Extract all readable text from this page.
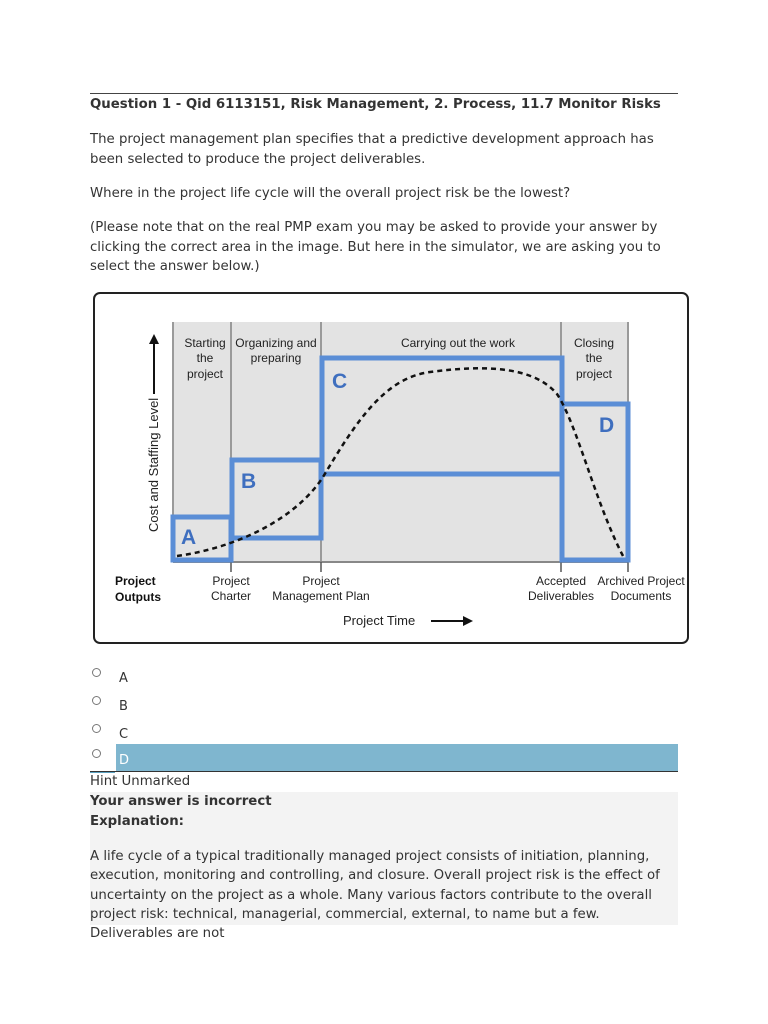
Question 1 - Qid 6113151, Risk Management, 2. Process, 11.7 Monitor Risks
The project management plan specifies that a predictive development approach has been selected to produce the project deliverables.
Where in the project life cycle will the overall project risk be the lowest?
(Please note that on the real PMP exam you may be asked to provide your answer by clicking the correct area in the image. But here in the simulator, we are asking you to select the answer below.)
A
B
C
D
Starting
the
project
Organizing and
preparing
Carrying out the work	Closing
the
project
Cost and Staffing Level
Project
Outputs
Project
Charter
Project
Management Plan
Accepted
Deliverables
Archived Project
Documents
Project Time
A
B
C
D
Hint Unmarked
Your answer is incorrect
Explanation:
A life cycle of a typical traditionally managed project consists of initiation, planning, execution, monitoring and controlling, and closure. Overall project risk is the effect of uncertainty on the project as a whole. Many various factors contribute to the overall project risk: technical, managerial, commercial, external, to name but a few. Deliverables are not
